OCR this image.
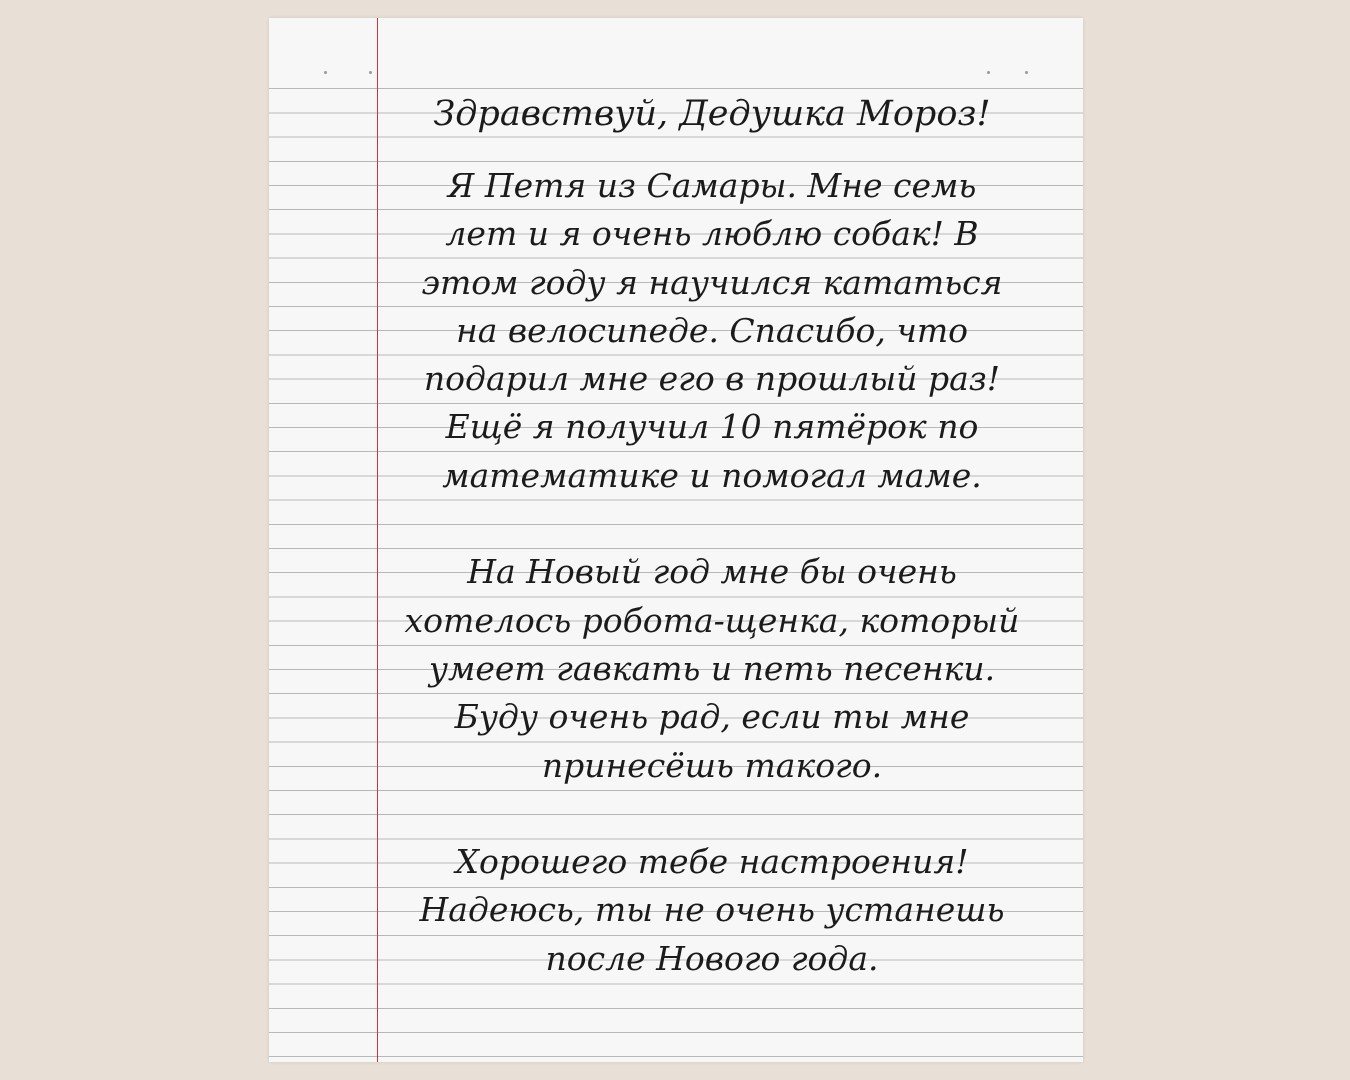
Здравствуй, Дедушка Мороз!
Я Петя из Самары. Мне семь
лет и я очень люблю собак! В
этом году я научился кататься
на велосипеде. Спасибо, что
подарил мне его в прошлый раз!
Ещё я получил 10 пятёрок по
математике и помогал маме.
На Новый год мне бы очень
хотелось робота-щенка, который
умеет гавкать и петь песенки.
Буду очень рад, если ты мне
принесёшь такого.
Хорошего тебе настроения!
Надеюсь, ты не очень устанешь
после Нового года.
